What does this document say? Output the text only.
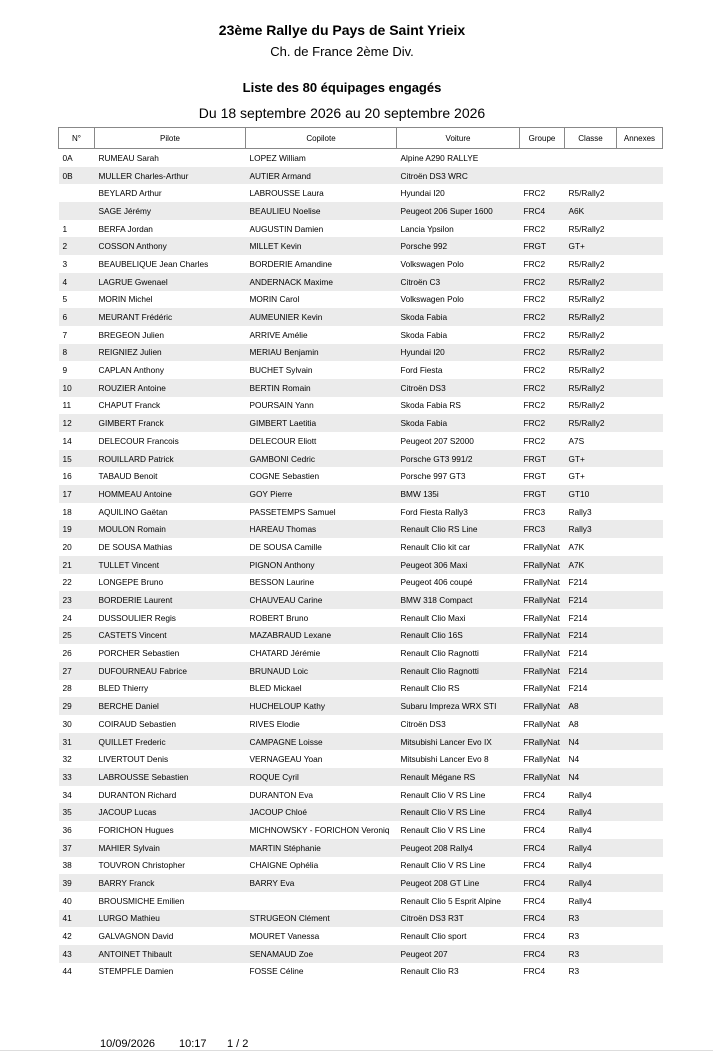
23ème Rallye du Pays de Saint Yrieix
Ch. de France 2ème Div.
Liste des 80 équipages engagés
Du 18 septembre 2026 au 20 septembre 2026
N°	Pilote	Copilote	Voiture	Groupe	Classe	Annexes
0A	RUMEAU Sarah	LOPEZ William	Alpine A290 RALLYE			
0B	MULLER Charles-Arthur	AUTIER Armand	Citroën DS3 WRC			
	BEYLARD Arthur	LABROUSSE Laura	Hyundai I20	FRC2	R5/Rally2	
	SAGE Jérémy	BEAULIEU Noelise	Peugeot 206 Super 1600	FRC4	A6K	
1	BERFA Jordan	AUGUSTIN Damien	Lancia Ypsilon	FRC2	R5/Rally2	
2	COSSON Anthony	MILLET Kevin	Porsche 992	FRGT	GT+	
3	BEAUBELIQUE Jean Charles	BORDERIE Amandine	Volkswagen Polo	FRC2	R5/Rally2	
4	LAGRUE Gwenael	ANDERNACK Maxime	Citroën C3	FRC2	R5/Rally2	
5	MORIN Michel	MORIN Carol	Volkswagen Polo	FRC2	R5/Rally2	
6	MEURANT Frédéric	AUMEUNIER Kevin	Skoda Fabia	FRC2	R5/Rally2	
7	BREGEON Julien	ARRIVE Amélie	Skoda Fabia	FRC2	R5/Rally2	
8	REIGNIEZ Julien	MERIAU Benjamin	Hyundai I20	FRC2	R5/Rally2	
9	CAPLAN Anthony	BUCHET Sylvain	Ford Fiesta	FRC2	R5/Rally2	
10	ROUZIER Antoine	BERTIN Romain	Citroën DS3	FRC2	R5/Rally2	
11	CHAPUT Franck	POURSAIN Yann	Skoda Fabia RS	FRC2	R5/Rally2	
12	GIMBERT Franck	GIMBERT Laetitia	Skoda Fabia	FRC2	R5/Rally2	
14	DELECOUR Francois	DELECOUR Eliott	Peugeot 207 S2000	FRC2	A7S	
15	ROUILLARD Patrick	GAMBONI Cedric	Porsche GT3 991/2	FRGT	GT+	
16	TABAUD Benoit	COGNE Sebastien	Porsche 997 GT3	FRGT	GT+	
17	HOMMEAU Antoine	GOY Pierre	BMW 135i	FRGT	GT10	
18	AQUILINO Gaëtan	PASSETEMPS Samuel	Ford Fiesta Rally3	FRC3	Rally3	
19	MOULON Romain	HAREAU Thomas	Renault Clio RS Line	FRC3	Rally3	
20	DE SOUSA Mathias	DE SOUSA Camille	Renault Clio kit car	FRallyNat	A7K	
21	TULLET Vincent	PIGNON Anthony	Peugeot 306 Maxi	FRallyNat	A7K	
22	LONGEPE Bruno	BESSON Laurine	Peugeot 406 coupé	FRallyNat	F214	
23	BORDERIE Laurent	CHAUVEAU Carine	BMW 318 Compact	FRallyNat	F214	
24	DUSSOULIER Regis	ROBERT Bruno	Renault Clio Maxi	FRallyNat	F214	
25	CASTETS Vincent	MAZABRAUD Lexane	Renault Clio 16S	FRallyNat	F214	
26	PORCHER Sebastien	CHATARD Jérémie	Renault Clio Ragnotti	FRallyNat	F214	
27	DUFOURNEAU Fabrice	BRUNAUD Loic	Renault Clio Ragnotti	FRallyNat	F214	
28	BLED Thierry	BLED Mickael	Renault Clio RS	FRallyNat	F214	
29	BERCHE Daniel	HUCHELOUP Kathy	Subaru Impreza WRX STI	FRallyNat	A8	
30	COIRAUD Sebastien	RIVES Elodie	Citroën DS3	FRallyNat	A8	
31	QUILLET Frederic	CAMPAGNE Loisse	Mitsubishi Lancer Evo IX	FRallyNat	N4	
32	LIVERTOUT Denis	VERNAGEAU Yoan	Mitsubishi Lancer Evo 8	FRallyNat	N4	
33	LABROUSSE Sebastien	ROQUE Cyril	Renault Mégane RS	FRallyNat	N4	
34	DURANTON Richard	DURANTON Eva	Renault Clio V RS Line	FRC4	Rally4	
35	JACOUP Lucas	JACOUP Chloé	Renault Clio V RS Line	FRC4	Rally4	
36	FORICHON Hugues	MICHNOWSKY - FORICHON Veroniq	Renault Clio V RS Line	FRC4	Rally4	
37	MAHIER Sylvain	MARTIN Stéphanie	Peugeot 208 Rally4	FRC4	Rally4	
38	TOUVRON Christopher	CHAIGNE Ophélia	Renault Clio V RS Line	FRC4	Rally4	
39	BARRY Franck	BARRY Eva	Peugeot 208 GT Line	FRC4	Rally4	
40	BROUSMICHE Emilien		Renault Clio 5 Esprit Alpine	FRC4	Rally4	
41	LURGO Mathieu	STRUGEON Clément	Citroën DS3 R3T	FRC4	R3	
42	GALVAGNON David	MOURET Vanessa	Renault Clio sport	FRC4	R3	
43	ANTOINET Thibault	SENAMAUD Zoe	Peugeot 207	FRC4	R3	
44	STEMPFLE Damien	FOSSE Céline	Renault Clio R3	FRC4	R3	
10/09/2026 10:17 1 / 2
